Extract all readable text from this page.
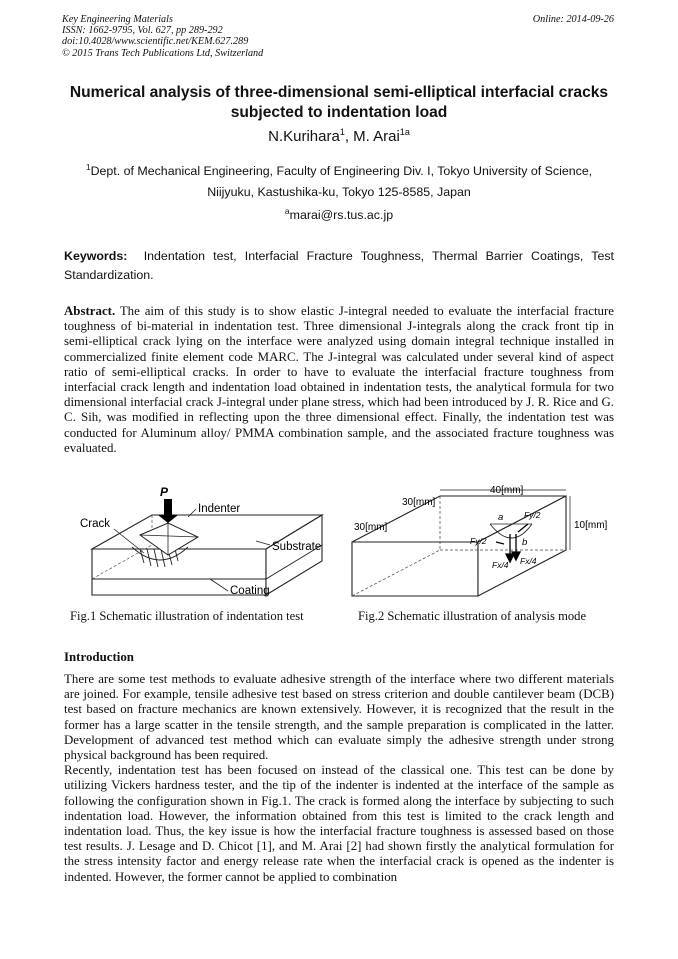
Key Engineering Materials
ISSN: 1662-9795, Vol. 627, pp 289-292
doi:10.4028/www.scientific.net/KEM.627.289
© 2015 Trans Tech Publications Ltd, Switzerland
Online: 2014-09-26
Numerical analysis of three-dimensional semi-elliptical interfacial cracks subjected to indentation load
N.Kurihara$^1$, M. Arai$^{1a}$
$^1$Dept. of Mechanical Engineering, Faculty of Engineering Div. I, Tokyo University of Science,
Niijyuku, Kastushika-ku, Tokyo 125-8585, Japan
$^a$marai@rs.tus.ac.jp
Keywords: Indentation test, Interfacial Fracture Toughness, Thermal Barrier Coatings, Test Standardization.
Abstract. The aim of this study is to show elastic J-integral needed to evaluate the interfacial fracture toughness of bi-material in indentation test. Three dimensional J-integrals along the crack front tip in semi-elliptical crack lying on the interface were analyzed using domain integral technique installed in commercialized finite element code MARC. The J-integral was calculated under several kind of aspect ratio of semi-elliptical cracks. In order to have to evaluate the interfacial fracture toughness from interfacial crack length and indentation load obtained in indentation tests, the analytical formula for two dimensional interfacial crack J-integral under plane stress, which had been introduced by J. R. Rice and G. C. Sih, was modified in reflecting upon the three dimensional effect. Finally, the indentation test was conducted for Aluminum alloy/ PMMA combination sample, and the associated fracture toughness was evaluated.
P
Indenter
Crack
Substrate
Coating
Fig.1 Schematic illustration of indentation test
40[mm]
30[mm]
30[mm]	10[mm]
a
b
Fy/2
Fy/2
Fx/4 Fx/4
Fig.2 Schematic illustration of analysis mode
Introduction

There are some test methods to evaluate adhesive strength of the interface where two different materials are joined. For example, tensile adhesive test based on stress criterion and double cantilever beam (DCB) test based on fracture mechanics are known extensively. However, it is recognized that the result in the former has a large scatter in the tensile strength, and the sample preparation is complicated in the latter. Development of advanced test method which can evaluate simply the adhesive strength under strong physical background has been required.

Recently, indentation test has been focused on instead of the classical one. This test can be done by utilizing Vickers hardness tester, and the tip of the indenter is indented at the interface of the sample as following the configuration shown in Fig.1. The crack is formed along the interface by subjecting to such indentation load. However, the information obtained from this test is limited to the crack length and indentation load. Thus, the key issue is how the interfacial fracture toughness is assessed based on those test results. J. Lesage and D. Chicot [1], and M. Arai [2] had shown firstly the analytical formulation for the stress intensity factor and energy release rate when the interfacial crack is opened as the indenter is indented. However, the former cannot be applied to combination
